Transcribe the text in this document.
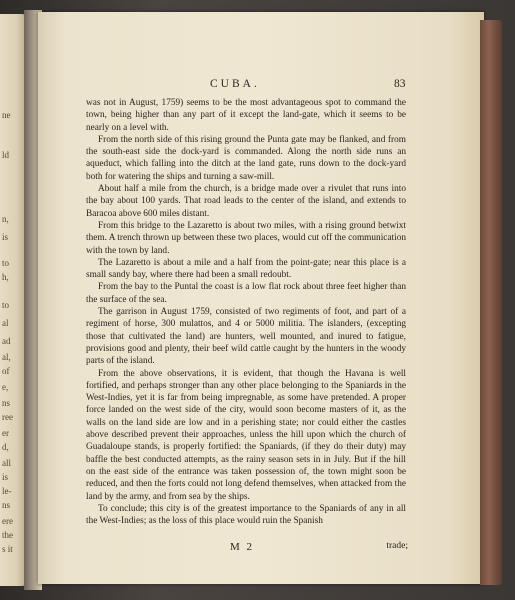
ne
ld
n,
is
to
h,
to
al
ad
al,
of
e,
ns
ree
er
d,
all
is
le-
ns
ere
the
s it
CUBA.	83

was not in August, 1759) seems to be the most advantageous spot to command the town, being higher than any part of it except the land-gate, which it seems to be nearly on a level with.

From the north side of this rising ground the Punta gate may be flanked, and from the south-east side the dock-yard is commanded. Along the north side runs an aqueduct, which falling into the ditch at the land gate, runs down to the dock-yard both for watering the ships and turning a saw-mill.

About half a mile from the church, is a bridge made over a rivulet that runs into the bay about 100 yards. That road leads to the center of the island, and extends to Baracoa above 600 miles distant.

From this bridge to the Lazaretto is about two miles, with a rising ground betwixt them. A trench thrown up between these two places, would cut off the communication with the town by land.

The Lazaretto is about a mile and a half from the point-gate; near this place is a small sandy bay, where there had been a small redoubt.

From the bay to the Puntal the coast is a low flat rock about three feet higher than the surface of the sea.

The garrison in August 1759, consisted of two regiments of foot, and part of a regiment of horse, 300 mulattos, and 4 or 5000 militia. The islanders, (excepting those that cultivated the land) are hunters, well mounted, and inured to fatigue, provisions good and plenty, their beef wild cattle caught by the hunters in the woody parts of the island.

From the above observations, it is evident, that though the Havana is well fortified, and perhaps stronger than any other place belonging to the Spaniards in the West-Indies, yet it is far from being impregnable, as some have pretended. A proper force landed on the west side of the city, would soon become masters of it, as the walls on the land side are low and in a perishing state; nor could either the castles above described prevent their approaches, unless the hill upon which the church of Guadaloupe stands, is properly fortified: the Spaniards, (if they do their duty) may baffle the best conducted attempts, as the rainy season sets in in July. But if the hill on the east side of the entrance was taken possession of, the town might soon be reduced, and then the forts could not long defend themselves, when attacked from the land by the army, and from sea by the ships.

To conclude; this city is of the greatest importance to the Spaniards of any in all the West-Indies; as the loss of this place would ruin the Spanish

M 2	trade;
